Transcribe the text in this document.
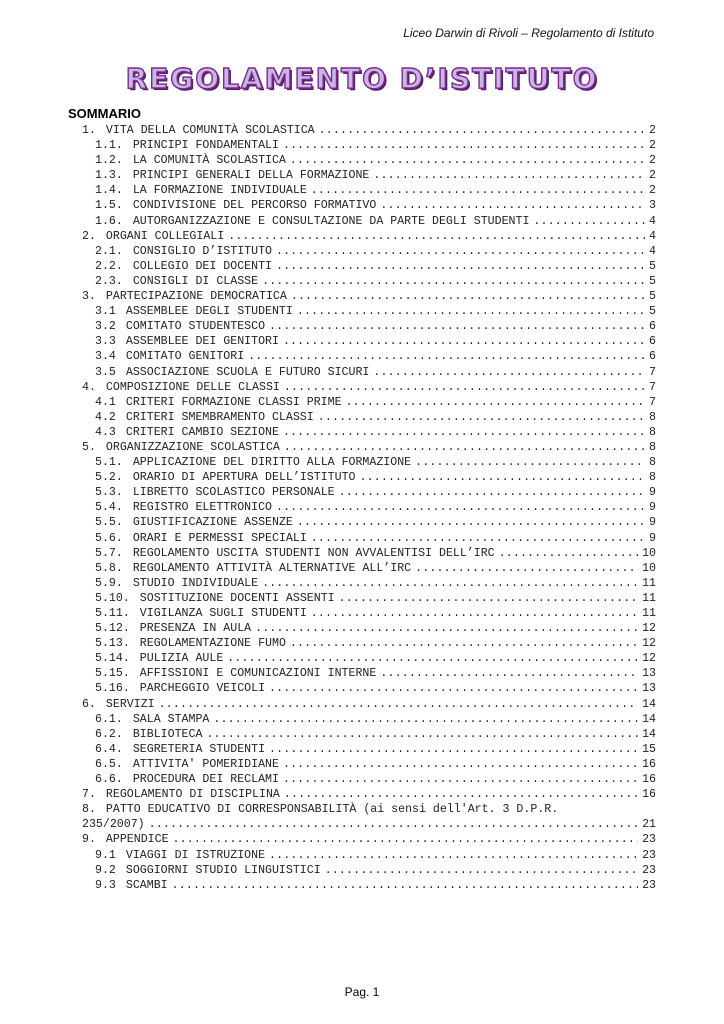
Liceo Darwin di Rivoli – Regolamento di Istituto
REGOLAMENTO D’ISTITUTO
SOMMARIO
1. VITA DELLA COMUNITÀ SCOLASTICA . . .	2
1.1. PRINCIPI FONDAMENTALI . . .	2
1.2. LA COMUNITÀ SCOLASTICA . . .	2
1.3. PRINCIPI GENERALI DELLA FORMAZIONE . . .	2
1.4. LA FORMAZIONE INDIVIDUALE . . .	2
1.5. CONDIVISIONE DEL PERCORSO FORMATIVO . . .	3
1.6. AUTORGANIZZAZIONE E CONSULTAZIONE DA PARTE DEGLI STUDENTI . . .	4
2. ORGANI COLLEGIALI . . .	4
2.1. CONSIGLIO D’ISTITUTO . . .	4
2.2. COLLEGIO DEI DOCENTI . . .	5
2.3. CONSIGLI DI CLASSE . . .	5
3. PARTECIPAZIONE DEMOCRATICA . . .	5
3.1 ASSEMBLEE DEGLI STUDENTI . . .	5
3.2 COMITATO STUDENTESCO . . .	6
3.3 ASSEMBLEE DEI GENITORI . . .	6
3.4 COMITATO GENITORI . . .	6
3.5 ASSOCIAZIONE SCUOLA E FUTURO SICURI . . .	7
4. COMPOSIZIONE DELLE CLASSI . . .	7
4.1 CRITERI FORMAZIONE CLASSI PRIME . . .	7
4.2 CRITERI SMEMBRAMENTO CLASSI . . .	8
4.3 CRITERI CAMBIO SEZIONE . . .	8
5. ORGANIZZAZIONE SCOLASTICA . . .	8
5.1. APPLICAZIONE DEL DIRITTO ALLA FORMAZIONE . . .	8
5.2. ORARIO DI APERTURA DELL’ISTITUTO . . .	8
5.3. LIBRETTO SCOLASTICO PERSONALE . . .	9
5.4. REGISTRO ELETTRONICO . . .	9
5.5. GIUSTIFICAZIONE ASSENZE . . .	9
5.6. ORARI E PERMESSI SPECIALI . . .	9
5.7. REGOLAMENTO USCITA STUDENTI NON AVVALENTISI DELL’IRC . . .	10
5.8. REGOLAMENTO ATTIVITÀ ALTERNATIVE ALL’IRC . . .	10
5.9. STUDIO INDIVIDUALE . . .	11
5.10. SOSTITUZIONE DOCENTI ASSENTI . . .	11
5.11. VIGILANZA SUGLI STUDENTI . . .	11
5.12. PRESENZA IN AULA . . .	12
5.13. REGOLAMENTAZIONE FUMO . . .	12
5.14. PULIZIA AULE . . .	12
5.15. AFFISSIONI E COMUNICAZIONI INTERNE . . .	13
5.16. PARCHEGGIO VEICOLI . . .	13
6. SERVIZI . . .	14
6.1. SALA STAMPA . . .	14
6.2. BIBLIOTECA . . .	14
6.4. SEGRETERIA STUDENTI . . .	15
6.5. ATTIVITA' POMERIDIANE . . .	16
6.6. PROCEDURA DEI RECLAMI . . .	16
7. REGOLAMENTO DI DISCIPLINA . . .	16
8. PATTO EDUCATIVO DI CORRESPONSABILITÀ (ai sensi dell'Art. 3 D.P.R.
235/2007) . . .	21
9. APPENDICE . . .	23
9.1 VIAGGI DI ISTRUZIONE . . .	23
9.2 SOGGIORNI STUDIO LINGUISTICI . . .	23
9.3 SCAMBI . . .	23
Pag. 1
